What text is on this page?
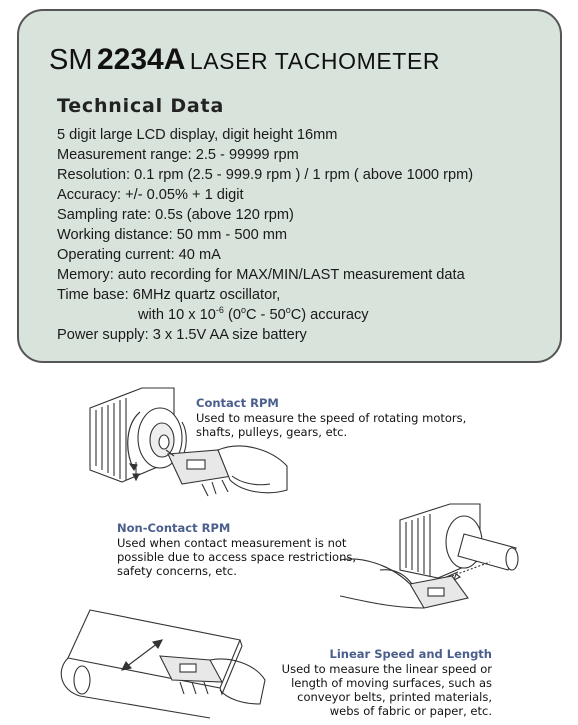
SM 2234A LASER TACHOMETER
Technical Data
5 digit large LCD display, digit height 16mm
Measurement range: 2.5 - 99999 rpm
Resolution: 0.1 rpm (2.5 - 999.9 rpm ) / 1 rpm ( above 1000 rpm)
Accuracy: +/- 0.05% + 1 digit
Sampling rate: 0.5s (above 120 rpm)
Working distance: 50 mm - 500 mm
Operating current: 40 mA
Memory: auto recording for MAX/MIN/LAST measurement data
Time base: 6MHz quartz oscillator,
with 10 x $10^{-6}$ (0$^o$C - 50$^o$C) accuracy
Power supply: 3 x 1.5V AA size battery
Contact RPM
Used to measure the speed of rotating motors,
shafts, pulleys, gears, etc.
Non-Contact RPM
Used when contact measurement is not
possible due to access space restrictions,
safety concerns, etc.
Linear Speed and Length
Used to measure the linear speed or
length of moving surfaces, such as
conveyor belts, printed materials,
webs of fabric or paper, etc.
